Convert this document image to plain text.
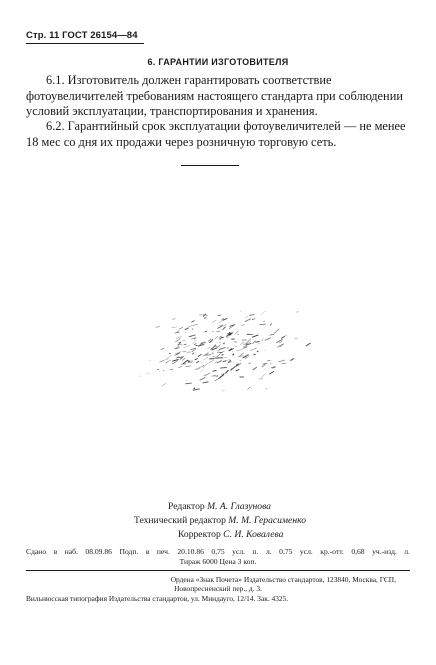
Стр. 11 ГОСТ 26154—84
6. ГАРАНТИИ ИЗГОТОВИТЕЛЯ
6.1. Изготовитель должен гарантировать соответствие фотоувеличителей требованиям настоящего стандарта при соблюдении условий эксплуатации, транспортирования и хранения.
6.2. Гарантийный срок эксплуатации фотоувеличителей — не менее 18 мес со дня их продажи через розничную торговую сеть.
Редактор М. А. Глазунова
Технический редактор М. М. Герасименко
Корректор С. И. Ковалева
Сдано в наб. 08.09.86 Подп. в печ. 20.10.86 0,75 усл. п. л. 0,75 усл. кр.-отт. 0,68 уч.-изд. л.
Тираж 6000 Цена 3 коп.
Ордена «Знак Почета» Издательство стандартов, 123840, Москва, ГСП,
Новопресненский пер., д. 3.
Вильнюсская типография Издательства стандартов, ул. Миндауго, 12/14. Зак. 4325.
